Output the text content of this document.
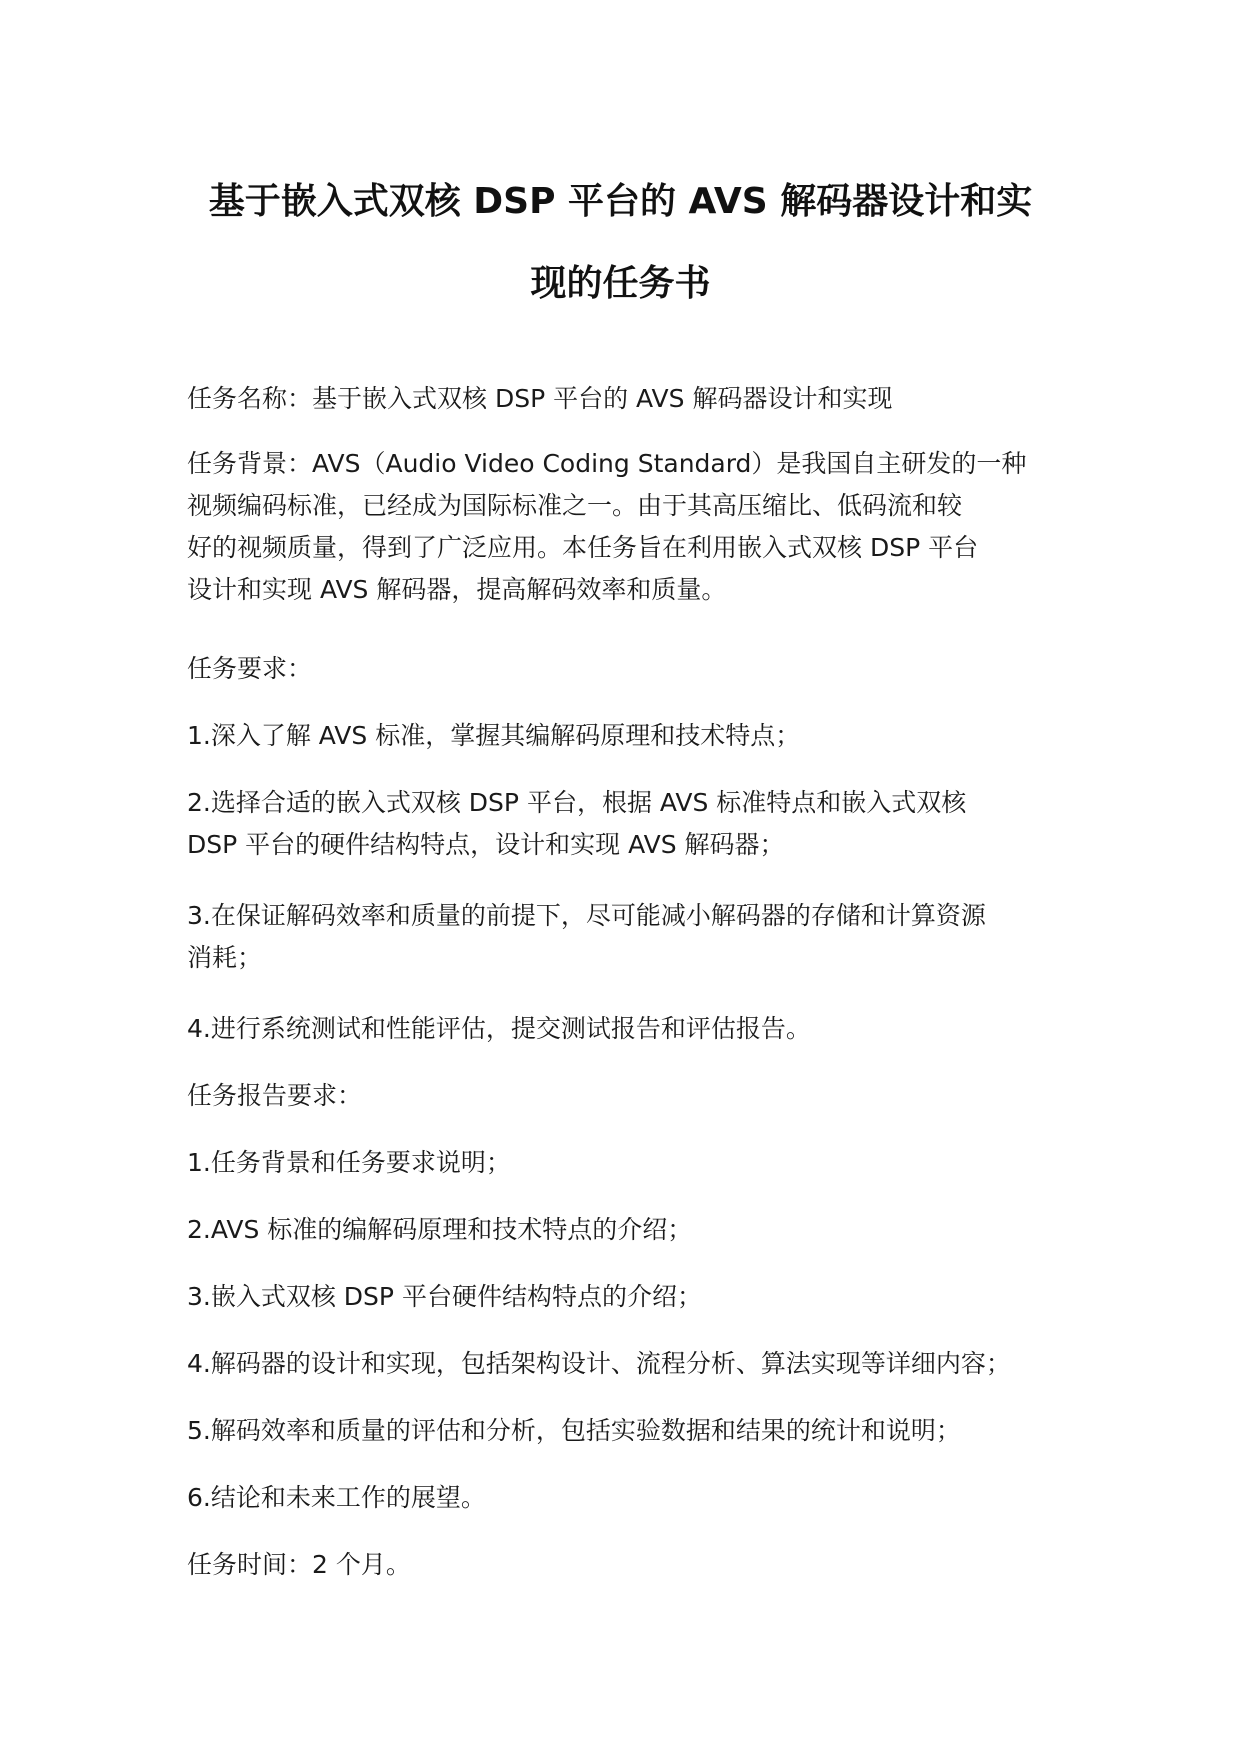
基于嵌入式双核 DSP 平台的 AVS 解码器设计和实
现的任务书

任务名称：基于嵌入式双核 DSP 平台的 AVS 解码器设计和实现

任务背景：AVS（Audio Video Coding Standard）是我国自主研发的一种

视频编码标准，已经成为国际标准之一。由于其高压缩比、低码流和较

好的视频质量，得到了广泛应用。本任务旨在利用嵌入式双核 DSP 平台

设计和实现 AVS 解码器，提高解码效率和质量。

任务要求：

1.深入了解 AVS 标准，掌握其编解码原理和技术特点；

2.选择合适的嵌入式双核 DSP 平台，根据 AVS 标准特点和嵌入式双核

DSP 平台的硬件结构特点，设计和实现 AVS 解码器；

3.在保证解码效率和质量的前提下，尽可能减小解码器的存储和计算资源

消耗；

4.进行系统测试和性能评估，提交测试报告和评估报告。

任务报告要求：

1.任务背景和任务要求说明；

2.AVS 标准的编解码原理和技术特点的介绍；

3.嵌入式双核 DSP 平台硬件结构特点的介绍；

4.解码器的设计和实现，包括架构设计、流程分析、算法实现等详细内容；

5.解码效率和质量的评估和分析，包括实验数据和结果的统计和说明；

6.结论和未来工作的展望。

任务时间：2 个月。
